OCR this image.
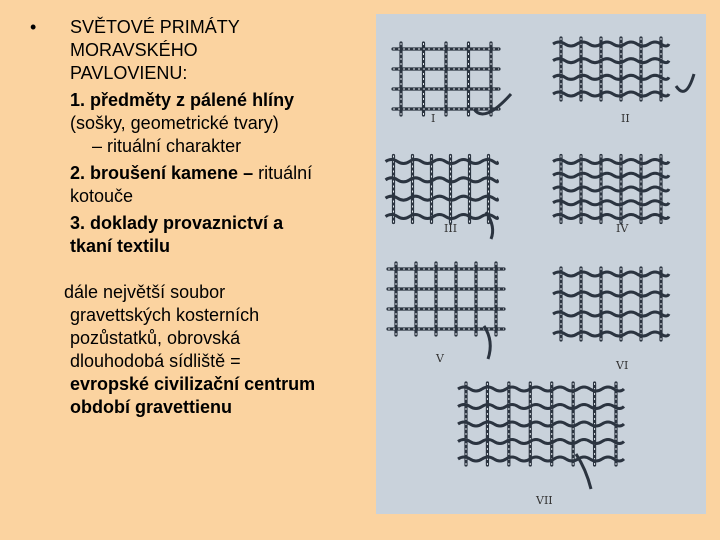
•	SVĚTOVÉ PRIMÁTY
MORAVSKÉHO
PAVLOVIENU:
1. předměty z pálené hlíny
(sošky, geometrické tvary)
– rituální charakter
2. broušení kamene – rituální
kotouče
3. doklady provaznictví a
tkaní textilu
dále největší soubor
gravettských kosterních
pozůstatků, obrovská
dlouhodobá sídliště =
evropské civilizační centrum
období gravettienu
I	II
III	IV
V
VI
VII
